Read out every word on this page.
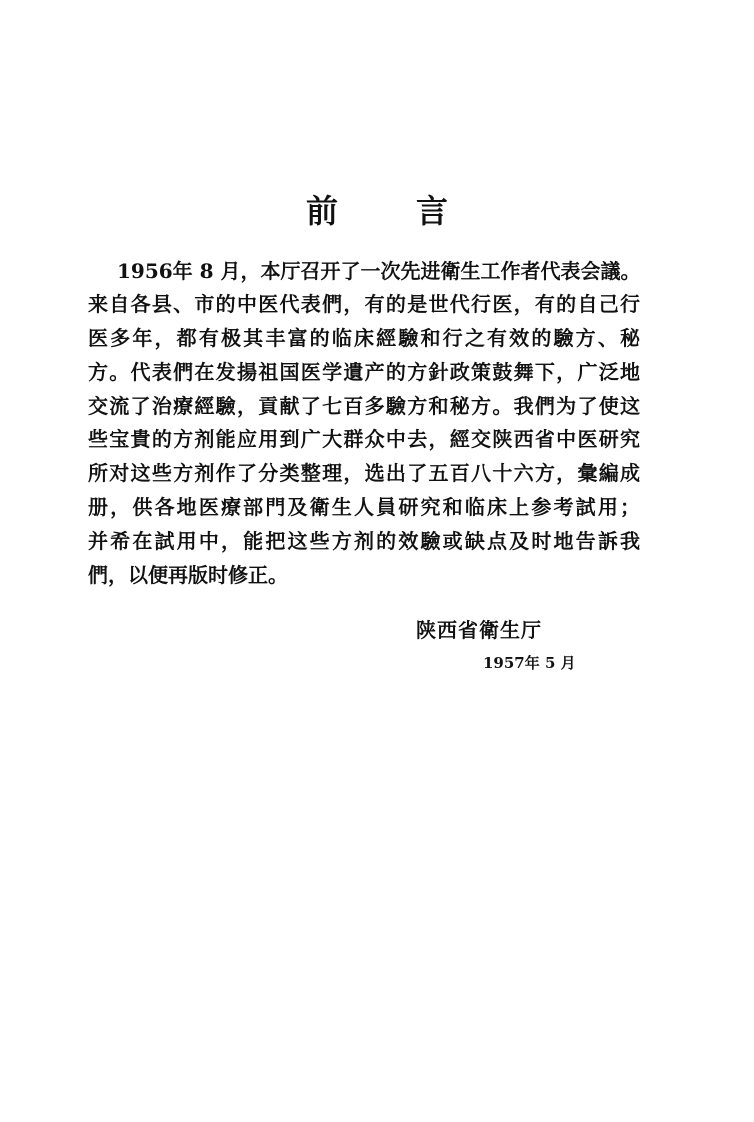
前 言
1956年 8 月，本厅召开了一次先进衛生工作者代表会議。
来自各县、市的中医代表們，有的是世代行医，有的自己行
医多年，都有极其丰富的临床經驗和行之有效的驗方、秘
方。代表們在发揚祖国医学遺产的方針政策鼓舞下，广泛地
交流了治療經驗，貢献了七百多驗方和秘方。我們为了使这
些宝貴的方剂能应用到广大群众中去，經交陕西省中医研究
所对这些方剂作了分类整理，选出了五百八十六方，彙編成
册，供各地医療部門及衛生人員研究和临床上参考試用；
并希在試用中，能把这些方剂的效驗或缺点及时地告訴我
們，以便再版时修正。
陕西省衛生厅
1957年 5 月
